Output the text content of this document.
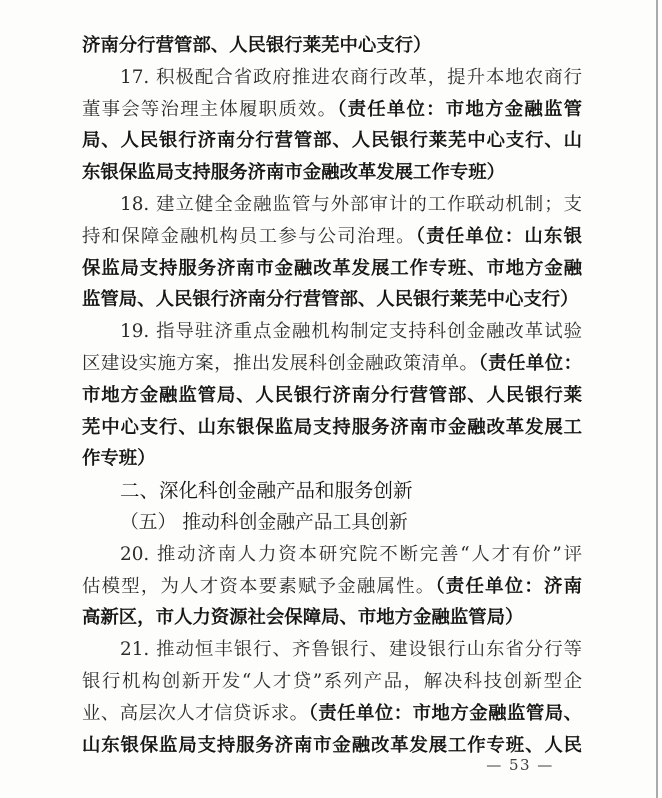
济南分行营管部、人民银行莱芜中心支行）
17. 积极配合省政府推进农商行改革，提升本地农商行
董事会等治理主体履职质效。（责任单位：市地方金融监管
局、人民银行济南分行营管部、人民银行莱芜中心支行、山
东银保监局支持服务济南市金融改革发展工作专班）
18. 建立健全金融监管与外部审计的工作联动机制；支
持和保障金融机构员工参与公司治理。（责任单位：山东银
保监局支持服务济南市金融改革发展工作专班、市地方金融
监管局、人民银行济南分行营管部、人民银行莱芜中心支行）
19. 指导驻济重点金融机构制定支持科创金融改革试验
区建设实施方案，推出发展科创金融政策清单。（责任单位：
市地方金融监管局、人民银行济南分行营管部、人民银行莱
芜中心支行、山东银保监局支持服务济南市金融改革发展工
作专班）
二、深化科创金融产品和服务创新
（五） 推动科创金融产品工具创新
20. 推动济南人力资本研究院不断完善“人才有价”评
估模型，为人才资本要素赋予金融属性。（责任单位：济南
高新区，市人力资源社会保障局、市地方金融监管局）
21. 推动恒丰银行、齐鲁银行、建设银行山东省分行等
银行机构创新开发“人才贷”系列产品，解决科技创新型企
业、高层次人才信贷诉求。（责任单位：市地方金融监管局、
山东银保监局支持服务济南市金融改革发展工作专班、人民
— 53 —
